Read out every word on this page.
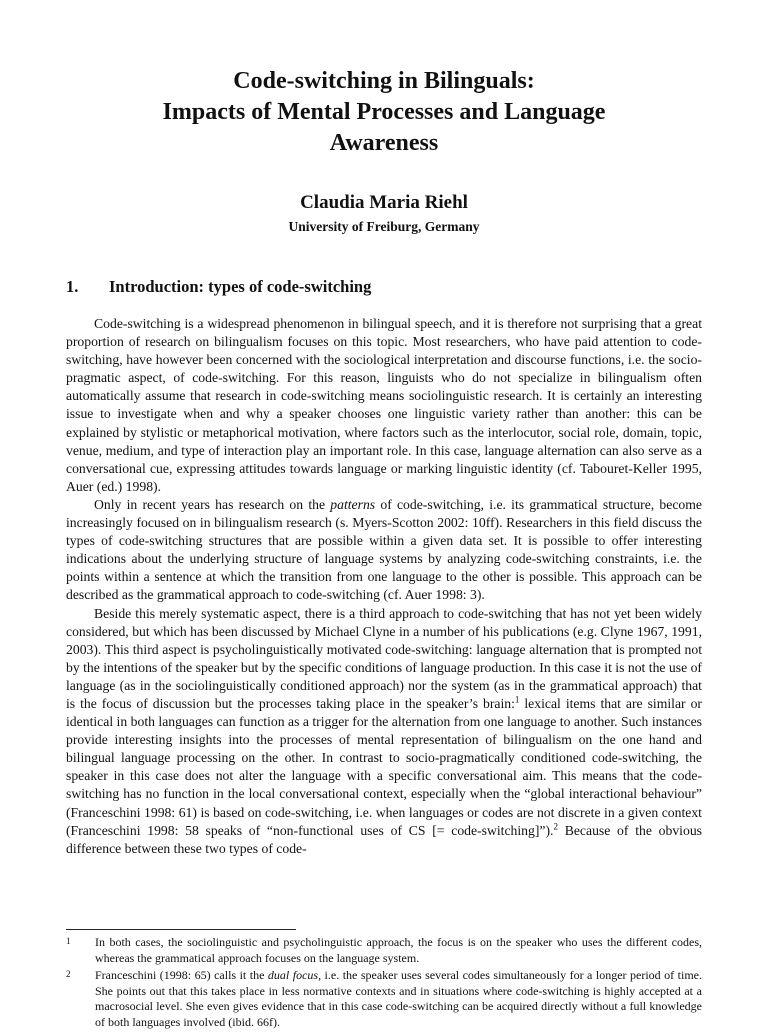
Code-switching in Bilinguals:
Impacts of Mental Processes and Language
Awareness
Claudia Maria Riehl
University of Freiburg, Germany
1.	Introduction: types of code-switching

Code-switching is a widespread phenomenon in bilingual speech, and it is therefore not surprising that a great proportion of research on bilingualism focuses on this topic. Most researchers, who have paid attention to code-switching, have however been concerned with the sociological interpretation and discourse functions, i.e. the socio-pragmatic aspect, of code-switching. For this reason, linguists who do not specialize in bilingualism often automatically assume that research in code-switching means sociolinguistic research. It is certainly an interesting issue to investigate when and why a speaker chooses one linguistic variety rather than another: this can be explained by stylistic or metaphorical motivation, where factors such as the interlocutor, social role, domain, topic, venue, medium, and type of interaction play an important role. In this case, language alternation can also serve as a conversational cue, expressing attitudes towards language or marking linguistic identity (cf. Tabouret-Keller 1995, Auer (ed.) 1998).

Only in recent years has research on the patterns of code-switching, i.e. its grammatical structure, become increasingly focused on in bilingualism research (s. Myers-Scotton 2002: 10ff). Researchers in this field discuss the types of code-switching structures that are possible within a given data set. It is possible to offer interesting indications about the underlying structure of language systems by analyzing code-switching constraints, i.e. the points within a sentence at which the transition from one language to the other is possible. This approach can be described as the grammatical approach to code-switching (cf. Auer 1998: 3).

Beside this merely systematic aspect, there is a third approach to code-switching that has not yet been widely considered, but which has been discussed by Michael Clyne in a number of his publications (e.g. Clyne 1967, 1991, 2003). This third aspect is psycholinguistically motivated code-switching: language alternation that is prompted not by the intentions of the speaker but by the specific conditions of language production. In this case it is not the use of language (as in the sociolinguistically conditioned approach) nor the system (as in the grammatical approach) that is the focus of discussion but the processes taking place in the speaker’s brain:$^1$ lexical items that are similar or identical in both languages can function as a trigger for the alternation from one language to another. Such instances provide interesting insights into the processes of mental representation of bilingualism on the one hand and bilingual language processing on the other. In contrast to socio-pragmatically conditioned code-switching, the speaker in this case does not alter the language with a specific conversational aim. This means that the code-switching has no function in the local conversational context, especially when the “global interactional behaviour” (Franceschini 1998: 61) is based on code-switching, i.e. when languages or codes are not discrete in a given context (Franceschini 1998: 58 speaks of “non-functional uses of CS [= code-switching]”).$^2$ Because of the obvious difference between these two types of code-

1	In both cases, the sociolinguistic and psycholinguistic approach, the focus is on the speaker who uses the different codes, whereas the grammatical approach focuses on the language system.
2	Franceschini (1998: 65) calls it the dual focus, i.e. the speaker uses several codes simultaneously for a longer period of time. She points out that this takes place in less normative contexts and in situations where code-switching is highly accepted at a macrosocial level. She even gives evidence that in this case code-switching can be acquired directly without a full knowledge of both languages involved (ibid. 66f).
